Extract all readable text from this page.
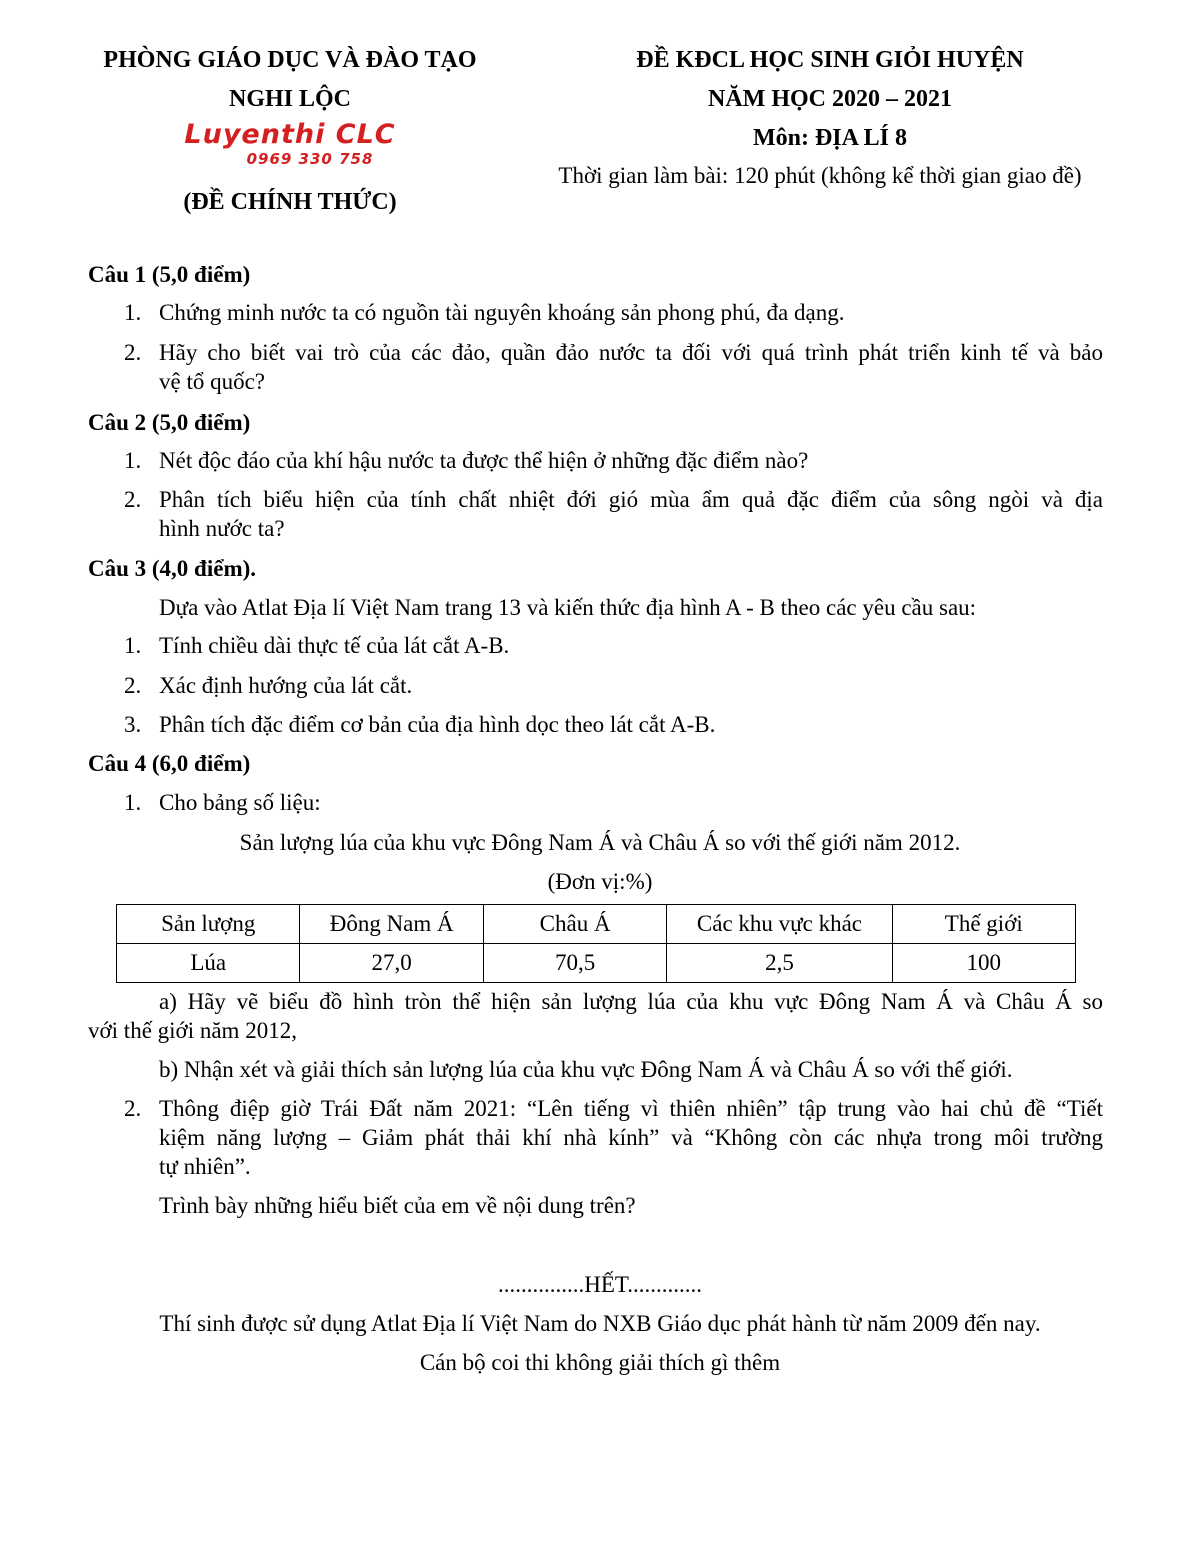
PHÒNG GIÁO DỤC VÀ ĐÀO TẠO
NGHI LỘC
Luyenthi CLC
0969 330 758
(ĐỀ CHÍNH THỨC)
ĐỀ KĐCL HỌC SINH GIỎI HUYỆN
NĂM HỌC 2020 – 2021
Môn: ĐỊA LÍ 8
Thời gian làm bài: 120 phút (không kể thời gian giao đề)
Câu 1 (5,0 điểm)
1. Chứng minh nước ta có nguồn tài nguyên khoáng sản phong phú, đa dạng.
2. Hãy cho biết vai trò của các đảo, quần đảo nước ta đối với quá trình phát triển kinh tế và bảo
vệ tổ quốc?
Câu 2 (5,0 điểm)
1. Nét độc đáo của khí hậu nước ta được thể hiện ở những đặc điểm nào?
2. Phân tích biểu hiện của tính chất nhiệt đới gió mùa ẩm quả đặc điểm của sông ngòi và địa
hình nước ta?
Câu 3 (4,0 điểm).
Dựa vào Atlat Địa lí Việt Nam trang 13 và kiến thức địa hình A - B theo các yêu cầu sau:
1. Tính chiều dài thực tế của lát cắt A-B.
2. Xác định hướng của lát cắt.
3. Phân tích đặc điểm cơ bản của địa hình dọc theo lát cắt A-B.
Câu 4 (6,0 điểm)
1. Cho bảng số liệu:
Sản lượng lúa của khu vực Đông Nam Á và Châu Á so với thế giới năm 2012.
(Đơn vị:%)
Sản lượng	Đông Nam Á	Châu Á	Các khu vực khác	Thế giới
Lúa	27,0	70,5	2,5	100
a) Hãy vẽ biểu đồ hình tròn thể hiện sản lượng lúa của khu vực Đông Nam Á và Châu Á so
với thế giới năm 2012,
b) Nhận xét và giải thích sản lượng lúa của khu vực Đông Nam Á và Châu Á so với thế giới.
2. Thông điệp giờ Trái Đất năm 2021: “Lên tiếng vì thiên nhiên” tập trung vào hai chủ đề “Tiết
kiệm năng lượng – Giảm phát thải khí nhà kính” và “Không còn các nhựa trong môi trường
tự nhiên”.
Trình bày những hiểu biết của em về nội dung trên?
...............HẾT.............
Thí sinh được sử dụng Atlat Địa lí Việt Nam do NXB Giáo dục phát hành từ năm 2009 đến nay.
Cán bộ coi thi không giải thích gì thêm
